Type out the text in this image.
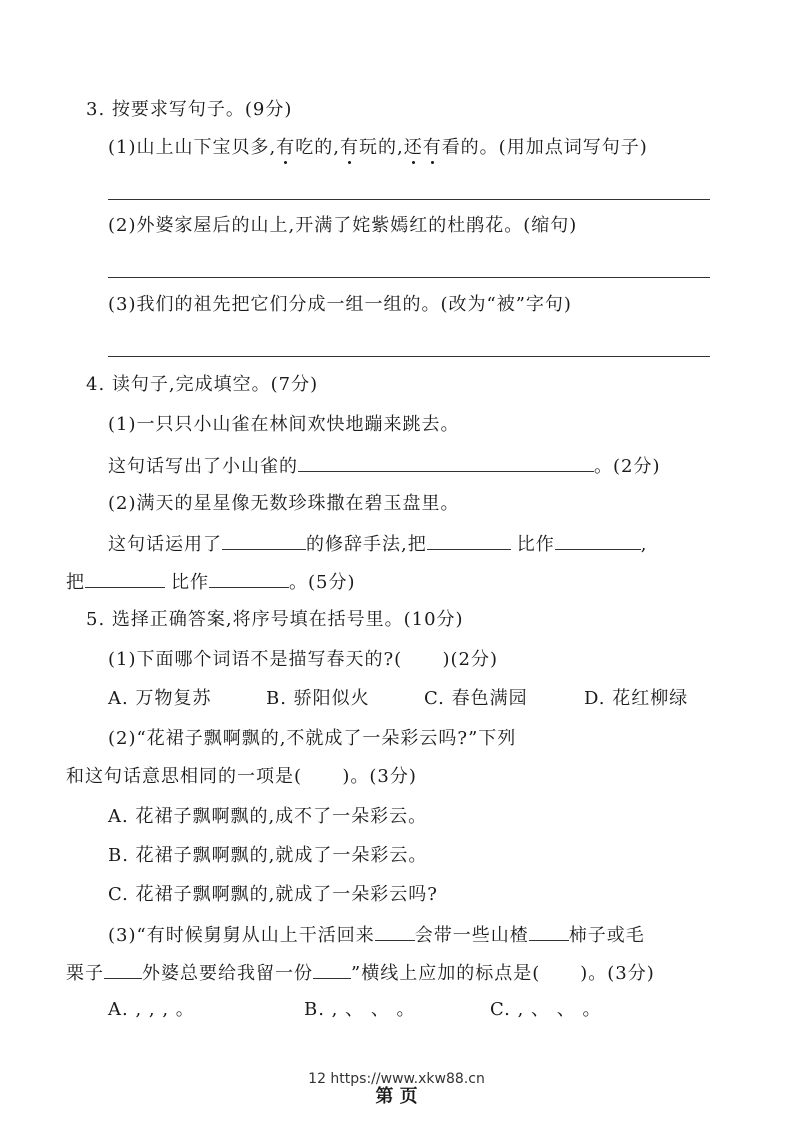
3. 按要求写句子。(9分)
(1)山上山下宝贝多,有吃的,有玩的,还有看的。(用加点词写句子)
(2)外婆家屋后的山上,开满了姹紫嫣红的杜鹃花。(缩句)
(3)我们的祖先把它们分成一组一组的。(改为“被”字句)
4. 读句子,完成填空。(7分)
(1)一只只小山雀在林间欢快地蹦来跳去。
这句话写出了小山雀的	。(2分)
(2)满天的星星像无数珍珠撒在碧玉盘里。
这句话运用了	的修辞手法,把	比作	,
把	比作	。(5分)
5. 选择正确答案,将序号填在括号里。(10分)
(1)下面哪个词语不是描写春天的?(      )(2分)
A. 万物复苏	B. 骄阳似火	C. 春色满园	D. 花红柳绿
(2)“花裙子飘啊飘的,不就成了一朵彩云吗?”下列
和这句话意思相同的一项是(      )。(3分)
A. 花裙子飘啊飘的,成不了一朵彩云。
B. 花裙子飘啊飘的,就成了一朵彩云。
C. 花裙子飘啊飘的,就成了一朵彩云吗?
(3)“有时候舅舅从山上干活回来 会带一些山楂 柿子或毛
栗子 外婆总要给我留一份 ”横线上应加的标点是( )。(3分)
A. , , , 。	B. , 、 、 。	C. , 、 、 。
12 https://www.xkw88.cn
第 页
